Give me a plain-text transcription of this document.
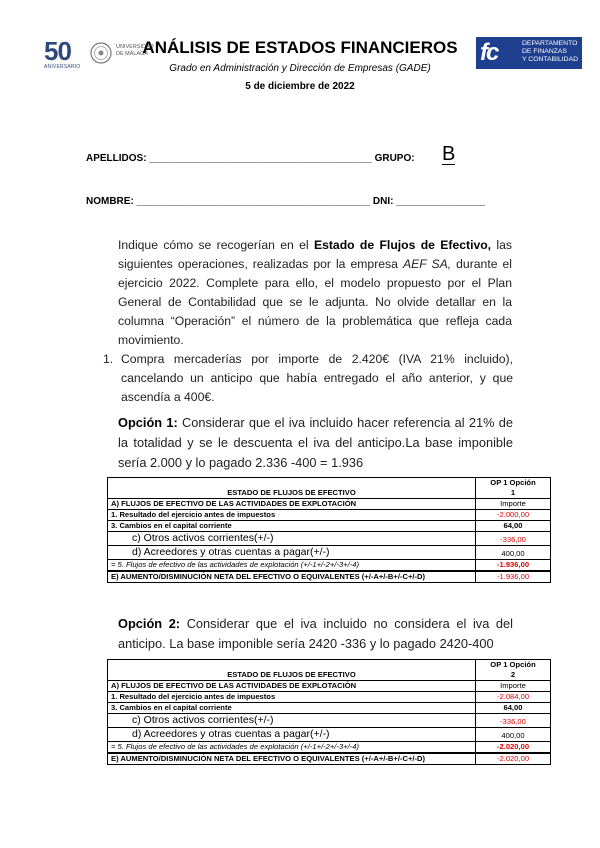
50
ANIVERSARIO
UNIVERSIDAD DE MÁLAGA
ANÁLISIS DE ESTADOS FINANCIEROS
Grado en Administración y Dirección de Empresas (GADE)
5 de diciembre de 2022
fc	DEPARTAMENTO
DE FINANZAS
Y CONTABILIDAD
APELLIDOS: ________________________________________ GRUPO: B
NOMBRE: __________________________________________ DNI: ________________
Indique cómo se recogerían en el Estado de Flujos de Efectivo, las siguientes operaciones, realizadas por la empresa AEF SA, durante el ejercicio 2022. Complete para ello, el modelo propuesto por el Plan General de Contabilidad que se le adjunta. No olvide detallar en la columna “Operación” el número de la problemática que refleja cada movimiento.
1. Compra mercaderías por importe de 2.420€ (IVA 21% incluido), cancelando un anticipo que había entregado el año anterior, y que ascendía a 400€.
Opción 1: Considerar que el iva incluido hacer referencia al 21% de la totalidad y se le descuenta el iva del anticipo.La base imponible sería 2.000 y lo pagado 2.336 -400 = 1.936
ESTADO DE FLUJOS DE EFECTIVO	OP 1 Opción
1

A) FLUJOS DE EFECTIVO DE LAS ACTIVIDADES DE EXPLOTACIÓN	Importe
1. Resultado del ejercicio antes de impuestos	-2.000,00
3. Cambios en el capital corriente	64,00
c) Otros activos corrientes(+/-)	-336,00
d) Acreedores y otras cuentas a pagar(+/-)	400,00
= 5. Flujos de efectivo de las actividades de explotación (+/-1+/-2+/-3+/-4)	-1.936,00
E) AUMENTO/DISMINUCIÓN NETA DEL EFECTIVO O EQUIVALENTES (+/-A+/-B+/-C+/-D)	-1.936,00
Opción 2: Considerar que el iva incluido no considera el iva del anticipo. La base imponible sería 2420 -336 y lo pagado 2420-400
ESTADO DE FLUJOS DE EFECTIVO	OP 1 Opción
2

A) FLUJOS DE EFECTIVO DE LAS ACTIVIDADES DE EXPLOTACIÓN	Importe
1. Resultado del ejercicio antes de impuestos	-2.084,00
3. Cambios en el capital corriente	64,00
c) Otros activos corrientes(+/-)	-336,00
d) Acreedores y otras cuentas a pagar(+/-)	400,00
= 5. Flujos de efectivo de las actividades de explotación (+/-1+/-2+/-3+/-4)	-2.020,00
E) AUMENTO/DISMINUCIÓN NETA DEL EFECTIVO O EQUIVALENTES (+/-A+/-B+/-C+/-D)	-2.020,00
